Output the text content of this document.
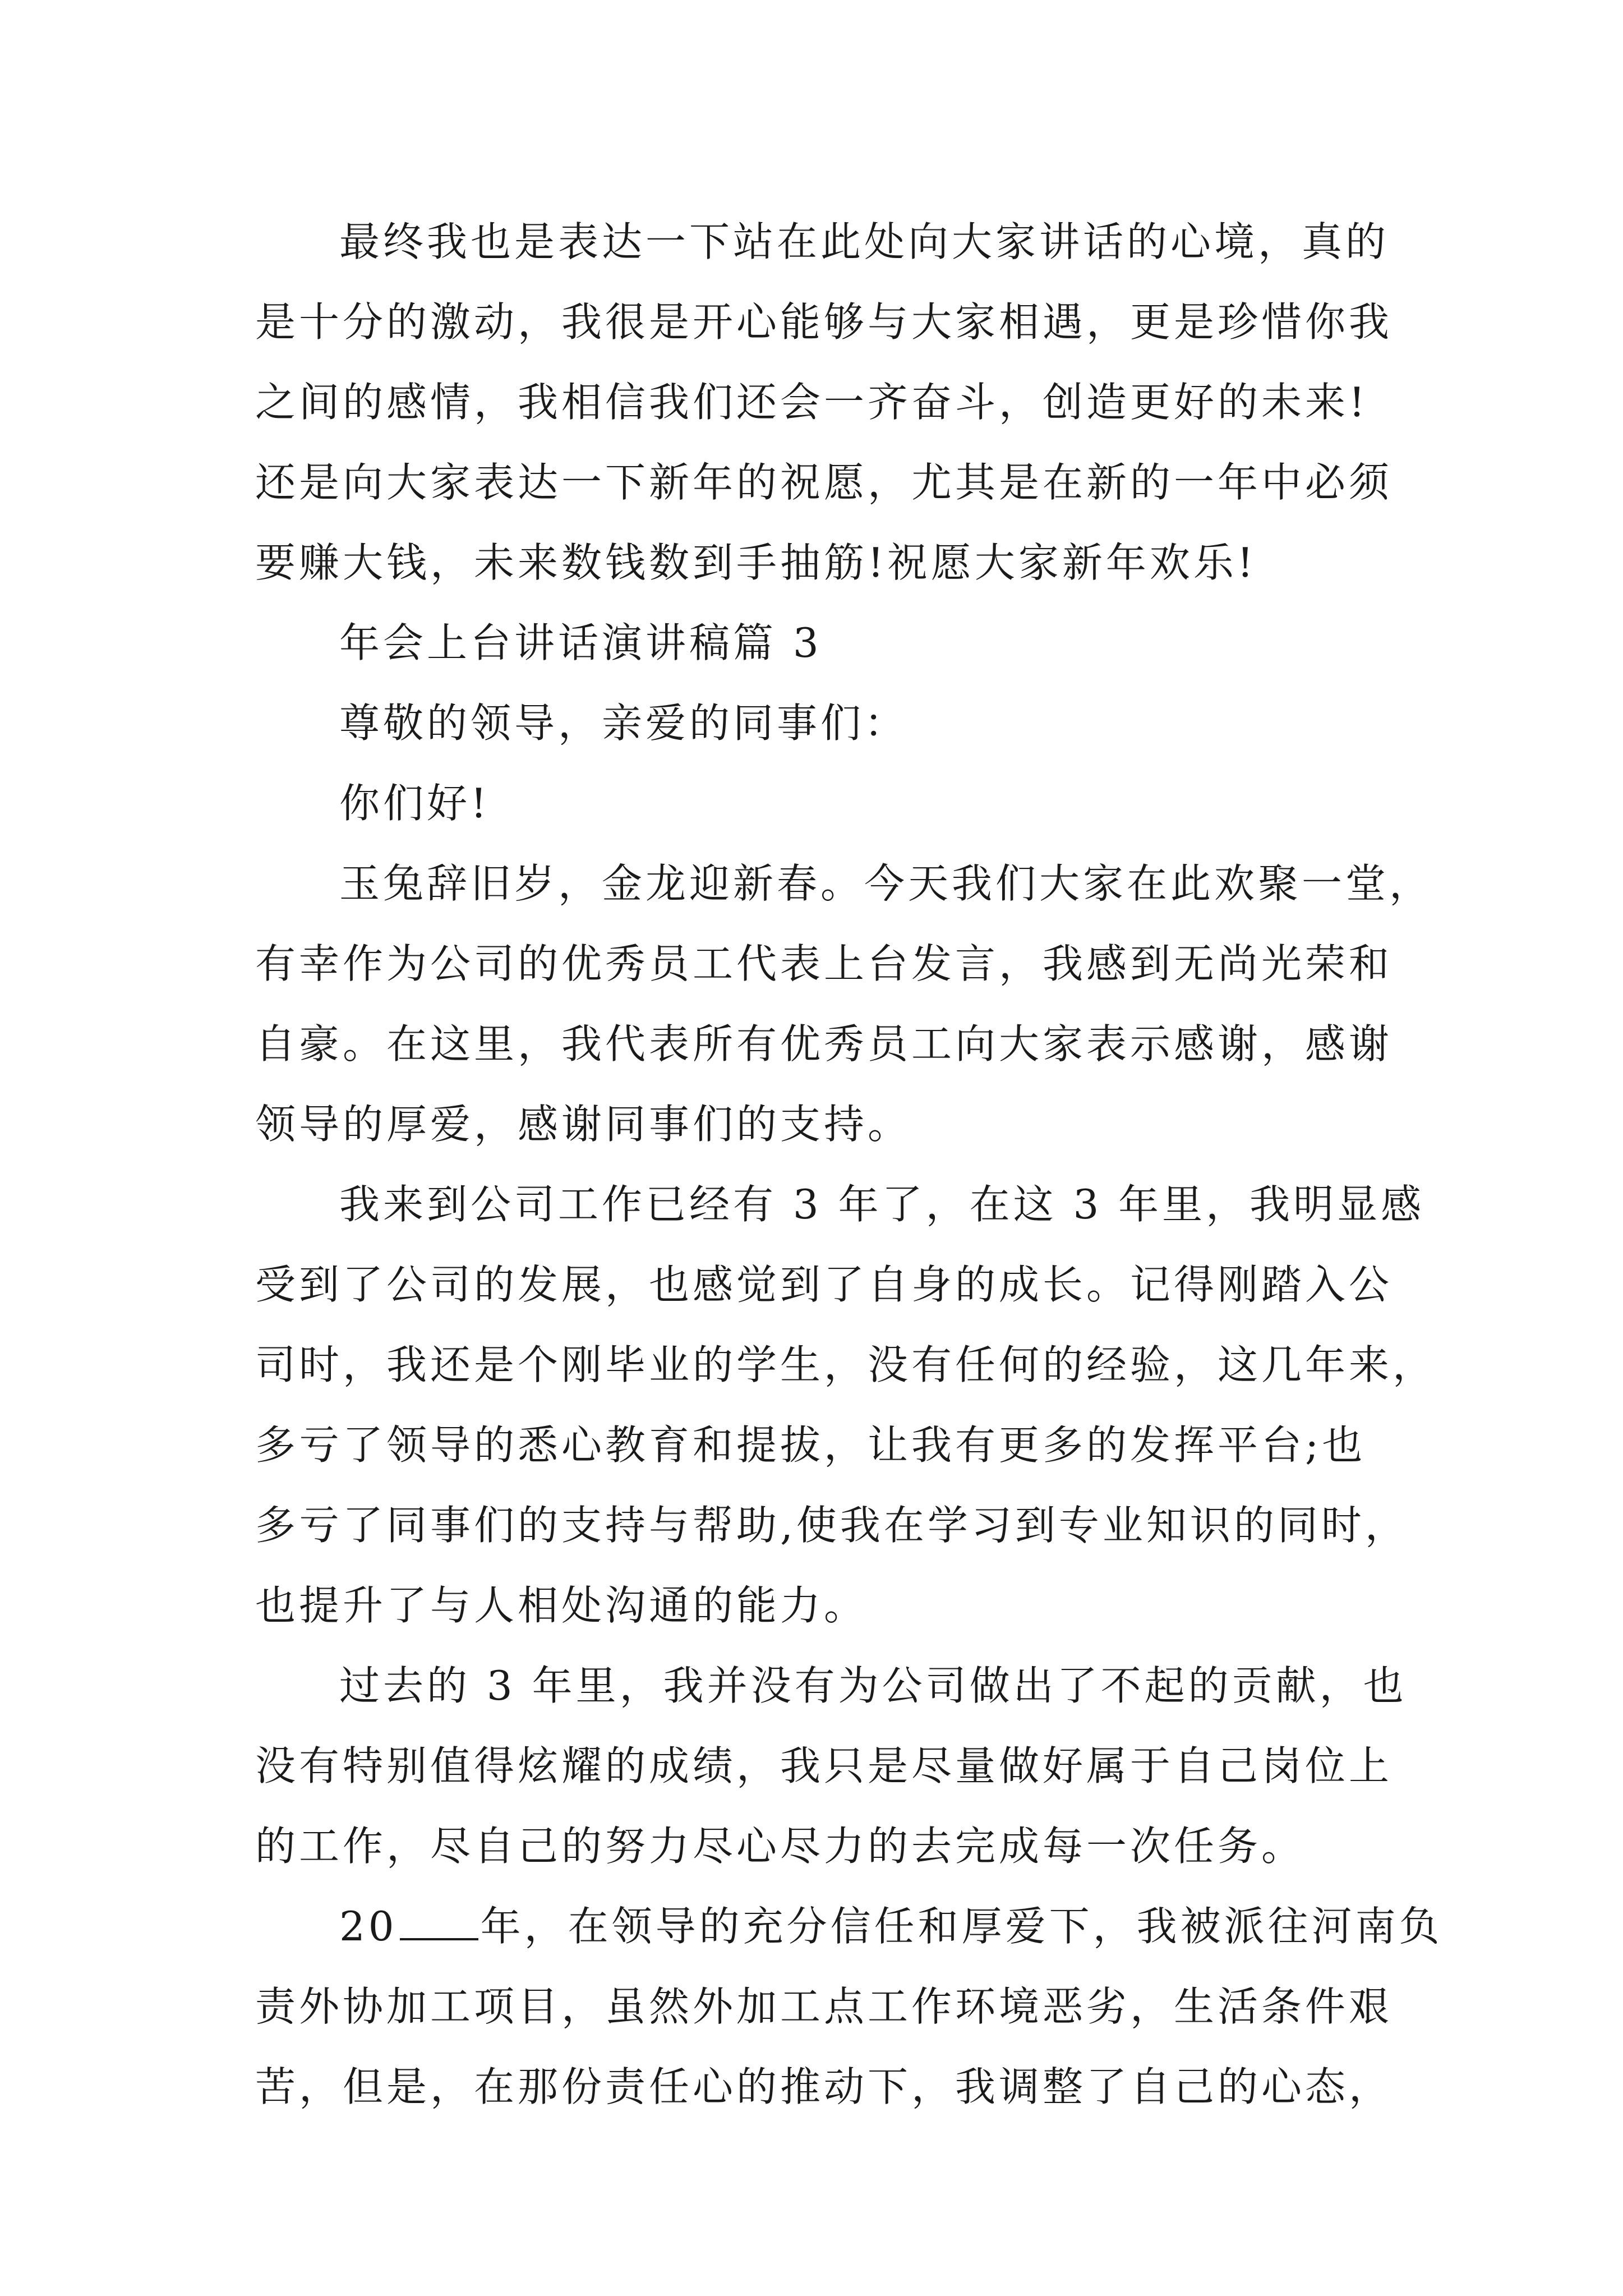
最终我也是表达一下站在此处向大家讲话的心境，真的
是十分的激动，我很是开心能够与大家相遇，更是珍惜你我
之间的感情，我相信我们还会一齐奋斗，创造更好的未来!
还是向大家表达一下新年的祝愿，尤其是在新的一年中必须
要赚大钱，未来数钱数到手抽筋!祝愿大家新年欢乐!
年会上台讲话演讲稿篇 3
尊敬的领导，亲爱的同事们：
你们好!
玉兔辞旧岁，金龙迎新春。今天我们大家在此欢聚一堂，
有幸作为公司的优秀员工代表上台发言，我感到无尚光荣和
自豪。在这里，我代表所有优秀员工向大家表示感谢，感谢
领导的厚爱，感谢同事们的支持。
我来到公司工作已经有 3 年了，在这 3 年里，我明显感
受到了公司的发展，也感觉到了自身的成长。记得刚踏入公
司时，我还是个刚毕业的学生，没有任何的经验，这几年来，
多亏了领导的悉心教育和提拔，让我有更多的发挥平台;也
多亏了同事们的支持与帮助,使我在学习到专业知识的同时，
也提升了与人相处沟通的能力。
过去的 3 年里，我并没有为公司做出了不起的贡献，也
没有特别值得炫耀的成绩，我只是尽量做好属于自己岗位上
的工作，尽自己的努力尽心尽力的去完成每一次任务。
20 年，在领导的充分信任和厚爱下，我被派往河南负
责外协加工项目，虽然外加工点工作环境恶劣，生活条件艰
苦，但是，在那份责任心的推动下，我调整了自己的心态，
